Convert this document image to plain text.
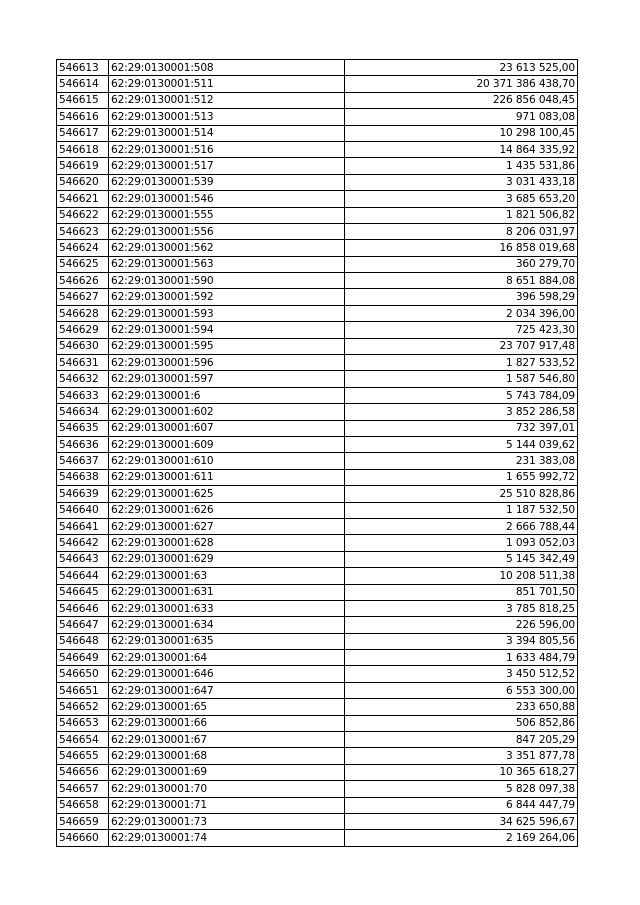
546613	62:29:0130001:508	23 613 525,00
546614	62:29:0130001:511	20 371 386 438,70
546615	62:29:0130001:512	226 856 048,45
546616	62:29:0130001:513	971 083,08
546617	62:29:0130001:514	10 298 100,45
546618	62:29:0130001:516	14 864 335,92
546619	62:29:0130001:517	1 435 531,86
546620	62:29:0130001:539	3 031 433,18
546621	62:29:0130001:546	3 685 653,20
546622	62:29:0130001:555	1 821 506,82
546623	62:29:0130001:556	8 206 031,97
546624	62:29:0130001:562	16 858 019,68
546625	62:29:0130001:563	360 279,70
546626	62:29:0130001:590	8 651 884,08
546627	62:29:0130001:592	396 598,29
546628	62:29:0130001:593	2 034 396,00
546629	62:29:0130001:594	725 423,30
546630	62:29:0130001:595	23 707 917,48
546631	62:29:0130001:596	1 827 533,52
546632	62:29:0130001:597	1 587 546,80
546633	62:29:0130001:6	5 743 784,09
546634	62:29:0130001:602	3 852 286,58
546635	62:29:0130001:607	732 397,01
546636	62:29:0130001:609	5 144 039,62
546637	62:29:0130001:610	231 383,08
546638	62:29:0130001:611	1 655 992,72
546639	62:29:0130001:625	25 510 828,86
546640	62:29:0130001:626	1 187 532,50
546641	62:29:0130001:627	2 666 788,44
546642	62:29:0130001:628	1 093 052,03
546643	62:29:0130001:629	5 145 342,49
546644	62:29:0130001:63	10 208 511,38
546645	62:29:0130001:631	851 701,50
546646	62:29:0130001:633	3 785 818,25
546647	62:29:0130001:634	226 596,00
546648	62:29:0130001:635	3 394 805,56
546649	62:29:0130001:64	1 633 484,79
546650	62:29:0130001:646	3 450 512,52
546651	62:29:0130001:647	6 553 300,00
546652	62:29:0130001:65	233 650,88
546653	62:29:0130001:66	506 852,86
546654	62:29:0130001:67	847 205,29
546655	62:29:0130001:68	3 351 877,78
546656	62:29:0130001:69	10 365 618,27
546657	62:29:0130001:70	5 828 097,38
546658	62:29:0130001:71	6 844 447,79
546659	62:29:0130001:73	34 625 596,67
546660	62:29:0130001:74	2 169 264,06
